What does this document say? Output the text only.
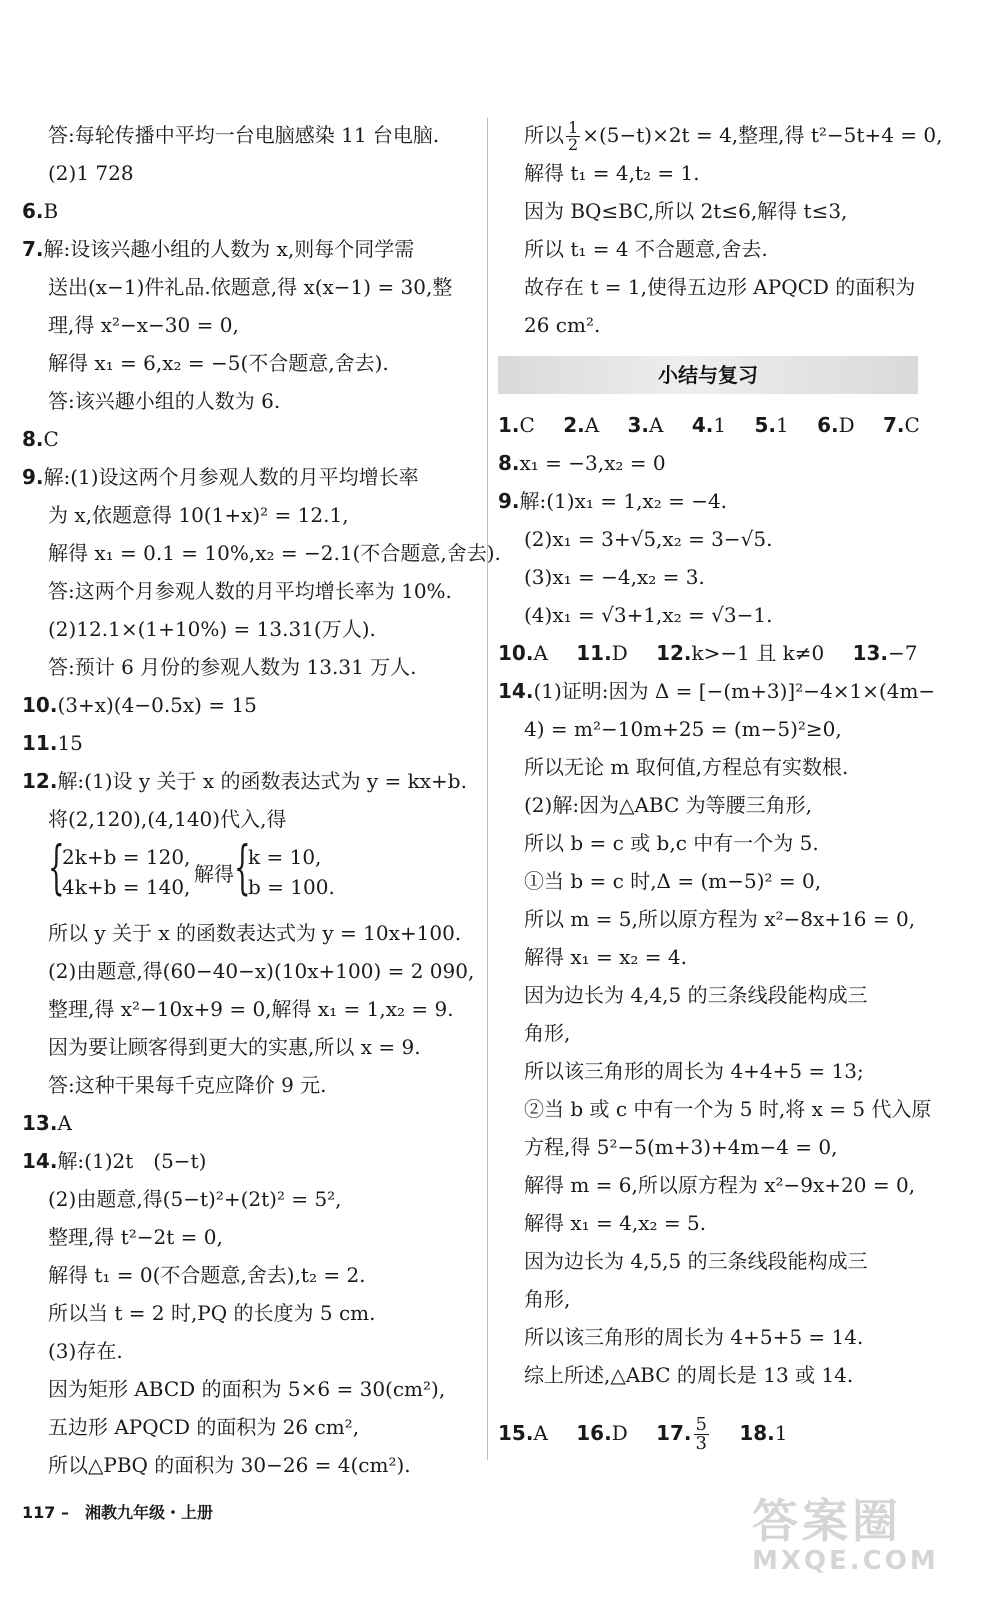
答:每轮传播中平均一台电脑感染 11 台电脑.
(2)1 728
6.B
7.解:设该兴趣小组的人数为 x,则每个同学需
送出(x−1)件礼品.依题意,得 x(x−1) = 30,整
理,得 x²−x−30 = 0,
解得 x₁ = 6,x₂ = −5(不合题意,舍去).
答:该兴趣小组的人数为 6.
8.C
9.解:(1)设这两个月参观人数的月平均增长率
为 x,依题意得 10(1+x)² = 12.1,
解得 x₁ = 0.1 = 10%,x₂ = −2.1(不合题意,舍去).
答:这两个月参观人数的月平均增长率为 10%.
(2)12.1×(1+10%) = 13.31(万人).
答:预计 6 月份的参观人数为 13.31 万人.
10.(3+x)(4−0.5x) = 15
11.15
12.解:(1)设 y 关于 x 的函数表达式为 y = kx+b.
将(2,120),(4,140)代入,得
{
2k+b = 120,
4k+b = 140,
解得 {
k = 10,
b = 100.
所以 y 关于 x 的函数表达式为 y = 10x+100.
(2)由题意,得(60−40−x)(10x+100) = 2 090,
整理,得 x²−10x+9 = 0,解得 x₁ = 1,x₂ = 9.
因为要让顾客得到更大的实惠,所以 x = 9.
答:这种干果每千克应降价 9 元.
13.A
14.解:(1)2t　(5−t)
(2)由题意,得(5−t)²+(2t)² = 5²,
整理,得 t²−2t = 0,
解得 t₁ = 0(不合题意,舍去),t₂ = 2.
所以当 t = 2 时,PQ 的长度为 5 cm.
(3)存在.
因为矩形 ABCD 的面积为 5×6 = 30(cm²),
五边形 APQCD 的面积为 26 cm²,
所以△PBQ 的面积为 30−26 = 4(cm²).
117 –　湘教九年级・上册
所以 $\frac{1}{2} \times(5-t)\times 2t = 4$,整理,得 t²−5t+4 = 0,
解得 t₁ = 4,t₂ = 1.
因为 BQ≤BC,所以 2t≤6,解得 t≤3,
所以 t₁ = 4 不合题意,舍去.
故存在 t = 1,使得五边形 APQCD 的面积为
26 cm².
小结与复习
1.C 2.A 3.A 4.1 5.1 6.D 7.C
8.x₁ = −3,x₂ = 0
9.解:(1)x₁ = 1,x₂ = −4.
(2)x₁ = 3+√5,x₂ = 3−√5.
(3)x₁ = −4,x₂ = 3.
(4)x₁ = √3+1,x₂ = √3−1.
10.A 11.D 12.k>−1 且 k≠0 13.−7
14.(1)证明:因为 Δ = [−(m+3)]²−4×1×(4m−
4) = m²−10m+25 = (m−5)²≥0,
所以无论 m 取何值,方程总有实数根.
(2)解:因为△ABC 为等腰三角形,
所以 b = c 或 b,c 中有一个为 5.
①当 b = c 时,Δ = (m−5)² = 0,
所以 m = 5,所以原方程为 x²−8x+16 = 0,
解得 x₁ = x₂ = 4.
因为边长为 4,4,5 的三条线段能构成三
角形,
所以该三角形的周长为 4+4+5 = 13;
②当 b 或 c 中有一个为 5 时,将 x = 5 代入原
方程,得 5²−5(m+3)+4m−4 = 0,
解得 m = 6,所以原方程为 x²−9x+20 = 0,
解得 x₁ = 4,x₂ = 5.
因为边长为 4,5,5 的三条线段能构成三
角形,
所以该三角形的周长为 4+5+5 = 14.
综上所述,△ABC 的周长是 13 或 14.
15.A 16.D 17. $\frac{5}{3} 18.1$
答案圈
MXQE.COM
